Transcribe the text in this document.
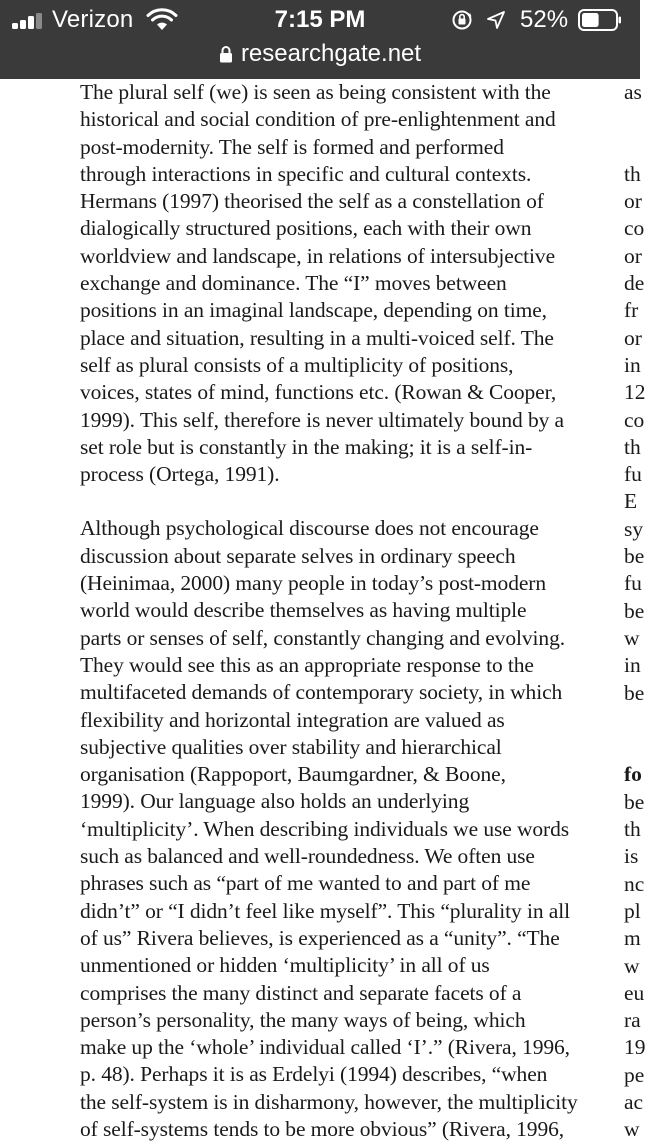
Verizon	7:15 PM	52%
researchgate.net

The plural self (we) is seen as being consistent with the
historical and social condition of pre-enlightenment and
post-modernity. The self is formed and performed
through interactions in specific and cultural contexts.
Hermans (1997) theorised the self as a constellation of
dialogically structured positions, each with their own
worldview and landscape, in relations of intersubjective
exchange and dominance. The “I” moves between
positions in an imaginal landscape, depending on time,
place and situation, resulting in a multi-voiced self. The
self as plural consists of a multiplicity of positions,
voices, states of mind, functions etc. (Rowan & Cooper,
1999). This self, therefore is never ultimately bound by a
set role but is constantly in the making; it is a self-in-
process (Ortega, 1991).

Although psychological discourse does not encourage
discussion about separate selves in ordinary speech
(Heinimaa, 2000) many people in today’s post-modern
world would describe themselves as having multiple
parts or senses of self, constantly changing and evolving.
They would see this as an appropriate response to the
multifaceted demands of contemporary society, in which
flexibility and horizontal integration are valued as
subjective qualities over stability and hierarchical
organisation (Rappoport, Baumgardner, & Boone,
1999). Our language also holds an underlying
‘multiplicity’. When describing individuals we use words
such as balanced and well-roundedness. We often use
phrases such as “part of me wanted to and part of me
didn’t” or “I didn’t feel like myself”. This “plurality in all
of us” Rivera believes, is experienced as a “unity”. “The
unmentioned or hidden ‘multiplicity’ in all of us
comprises the many distinct and separate facets of a
person’s personality, the many ways of being, which
make up the ‘whole’ individual called ‘I’.” (Rivera, 1996,
p. 48). Perhaps it is as Erdelyi (1994) describes, “when
the self-system is in disharmony, however, the multiplicity
of self-systems tends to be more obvious” (Rivera, 1996,

as
th
or
co
or
de
fr
or
in
12
co
th
fu
E
sy
be
fu
be
w
in
be
fo
be
th
is
nc
pl
m
w
eu
ra
19
pe
ac
w
